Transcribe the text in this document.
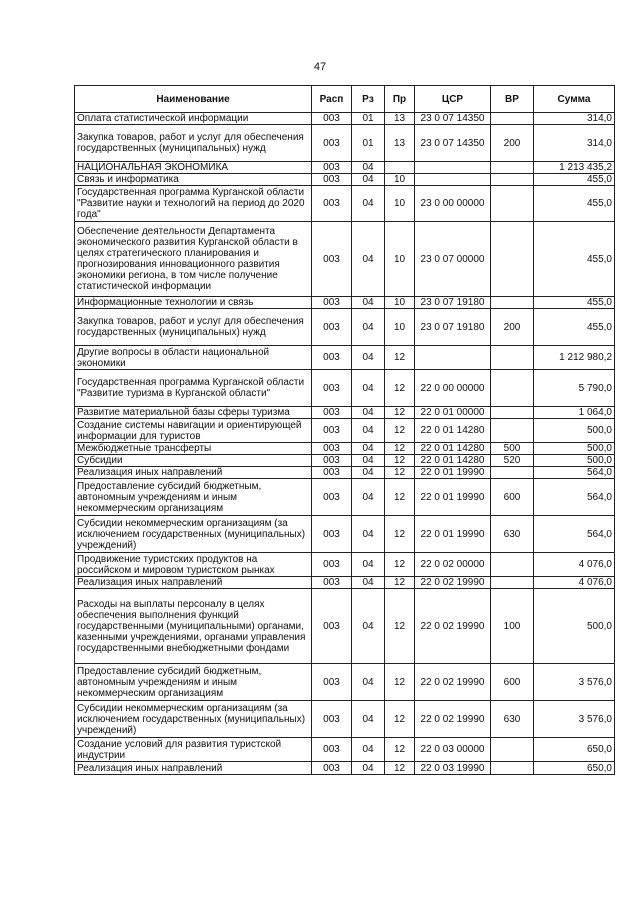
47
Наименование	Расп	Рз	Пр	ЦСР	ВР	Сумма
Оплата статистической информации	003	01	13	23 0 07 14350		314,0
Закупка товаров, работ и услуг для обеспечения государственных (муниципальных) нужд	003	01	13	23 0 07 14350	200	314,0
НАЦИОНАЛЬНАЯ ЭКОНОМИКА	003	04				1 213 435,2
Связь и информатика	003	04	10			455,0
Государственная программа Курганской области "Развитие науки и технологий на период до 2020 года"	003	04	10	23 0 00 00000		455,0
Обеспечение деятельности Департамента экономического развития Курганской области в целях стратегического планирования и прогнозирования инновационного развития экономики региона, в том числе получение статистической информации	003	04	10	23 0 07 00000		455,0
Информационные технологии и связь	003	04	10	23 0 07 19180		455,0
Закупка товаров, работ и услуг для обеспечения государственных (муниципальных) нужд	003	04	10	23 0 07 19180	200	455,0
Другие вопросы в области национальной экономики	003	04	12			1 212 980,2
Государственная программа Курганской области "Развитие туризма в Курганской области"	003	04	12	22 0 00 00000		5 790,0
Развитие материальной базы сферы туризма	003	04	12	22 0 01 00000		1 064,0
Создание системы навигации и ориентирующей информации для туристов	003	04	12	22 0 01 14280		500,0
Межбюджетные трансферты	003	04	12	22 0 01 14280	500	500,0
Субсидии	003	04	12	22 0 01 14280	520	500,0
Реализация иных направлений	003	04	12	22 0 01 19990		564,0
Предоставление субсидий бюджетным, автономным учреждениям и иным некоммерческим организациям	003	04	12	22 0 01 19990	600	564,0
Субсидии некоммерческим организациям (за исключением государственных (муниципальных) учреждений)	003	04	12	22 0 01 19990	630	564,0
Продвижение туристских продуктов на российском и мировом туристском рынках	003	04	12	22 0 02 00000		4 076,0
Реализация иных направлений	003	04	12	22 0 02 19990		4 076,0
Расходы на выплаты персоналу в целях обеспечения выполнения функций государственными (муниципальными) органами, казенными учреждениями, органами управления государственными внебюджетными фондами	003	04	12	22 0 02 19990	100	500,0
Предоставление субсидий бюджетным, автономным учреждениям и иным некоммерческим организациям	003	04	12	22 0 02 19990	600	3 576,0
Субсидии некоммерческим организациям (за исключением государственных (муниципальных) учреждений)	003	04	12	22 0 02 19990	630	3 576,0
Создание условий для развития туристской индустрии	003	04	12	22 0 03 00000		650,0
Реализация иных направлений	003	04	12	22 0 03 19990		650,0
